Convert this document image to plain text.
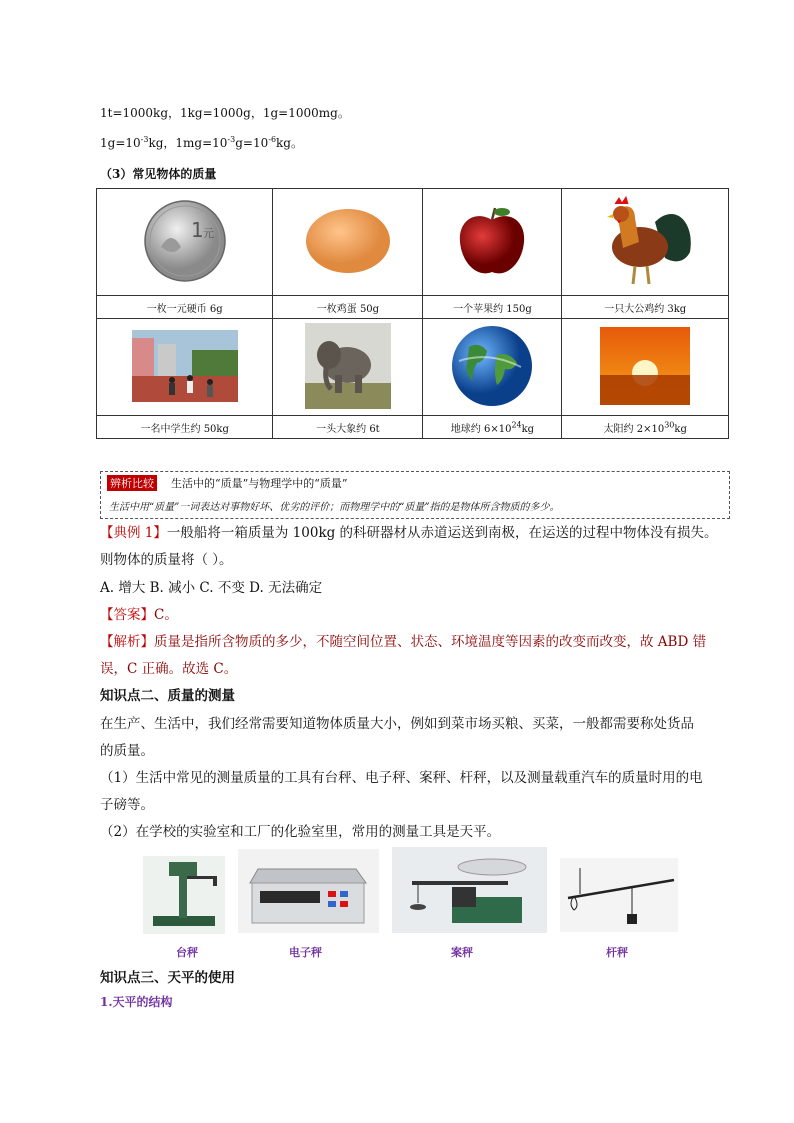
1t=1000kg，1kg=1000g，1g=1000mg。
$1g=10^{-3}kg$，$1mg=10^{-3}g=10^{-6}kg$。
（3）常见物体的质量
1 元

一枚一元硬币 6g	一枚鸡蛋 50g	一个苹果约 150g	一只大公鸡约 3kg

一名中学生约 50kg	一头大象约 6t	地球约 $6\times 10^{24}kg$	太阳约 $2\times 10^{30}kg$
辨析比较 生活中的“质量”与物理学中的“质量”
生活中用“质量”一词表达对事物好坏、优劣的评价；而物理学中的“质量”指的是物体所含物质的多少。
【典例 1】一般船将一箱质量为 100kg 的科研器材从赤道运送到南极，在运送的过程中物体没有损失。
则物体的质量将（ ）。
A. 增大 B. 减小 C. 不变 D. 无法确定
【答案】C。
【解析】质量是指所含物质的多少，不随空间位置、状态、环境温度等因素的改变而改变，故 ABD 错
误，C 正确。故选 C。
知识点二、质量的测量
在生产、生活中，我们经常需要知道物体质量大小，例如到菜市场买粮、买菜，一般都需要称处货品
的质量。
（1）生活中常见的测量质量的工具有台秤、电子秤、案秤、杆秤，以及测量载重汽车的质量时用的电
子磅等。
（2）在学校的实验室和工厂的化验室里，常用的测量工具是天平。
台秤	电子秤	案秤	杆秤
知识点三、天平的使用
1.天平的结构
